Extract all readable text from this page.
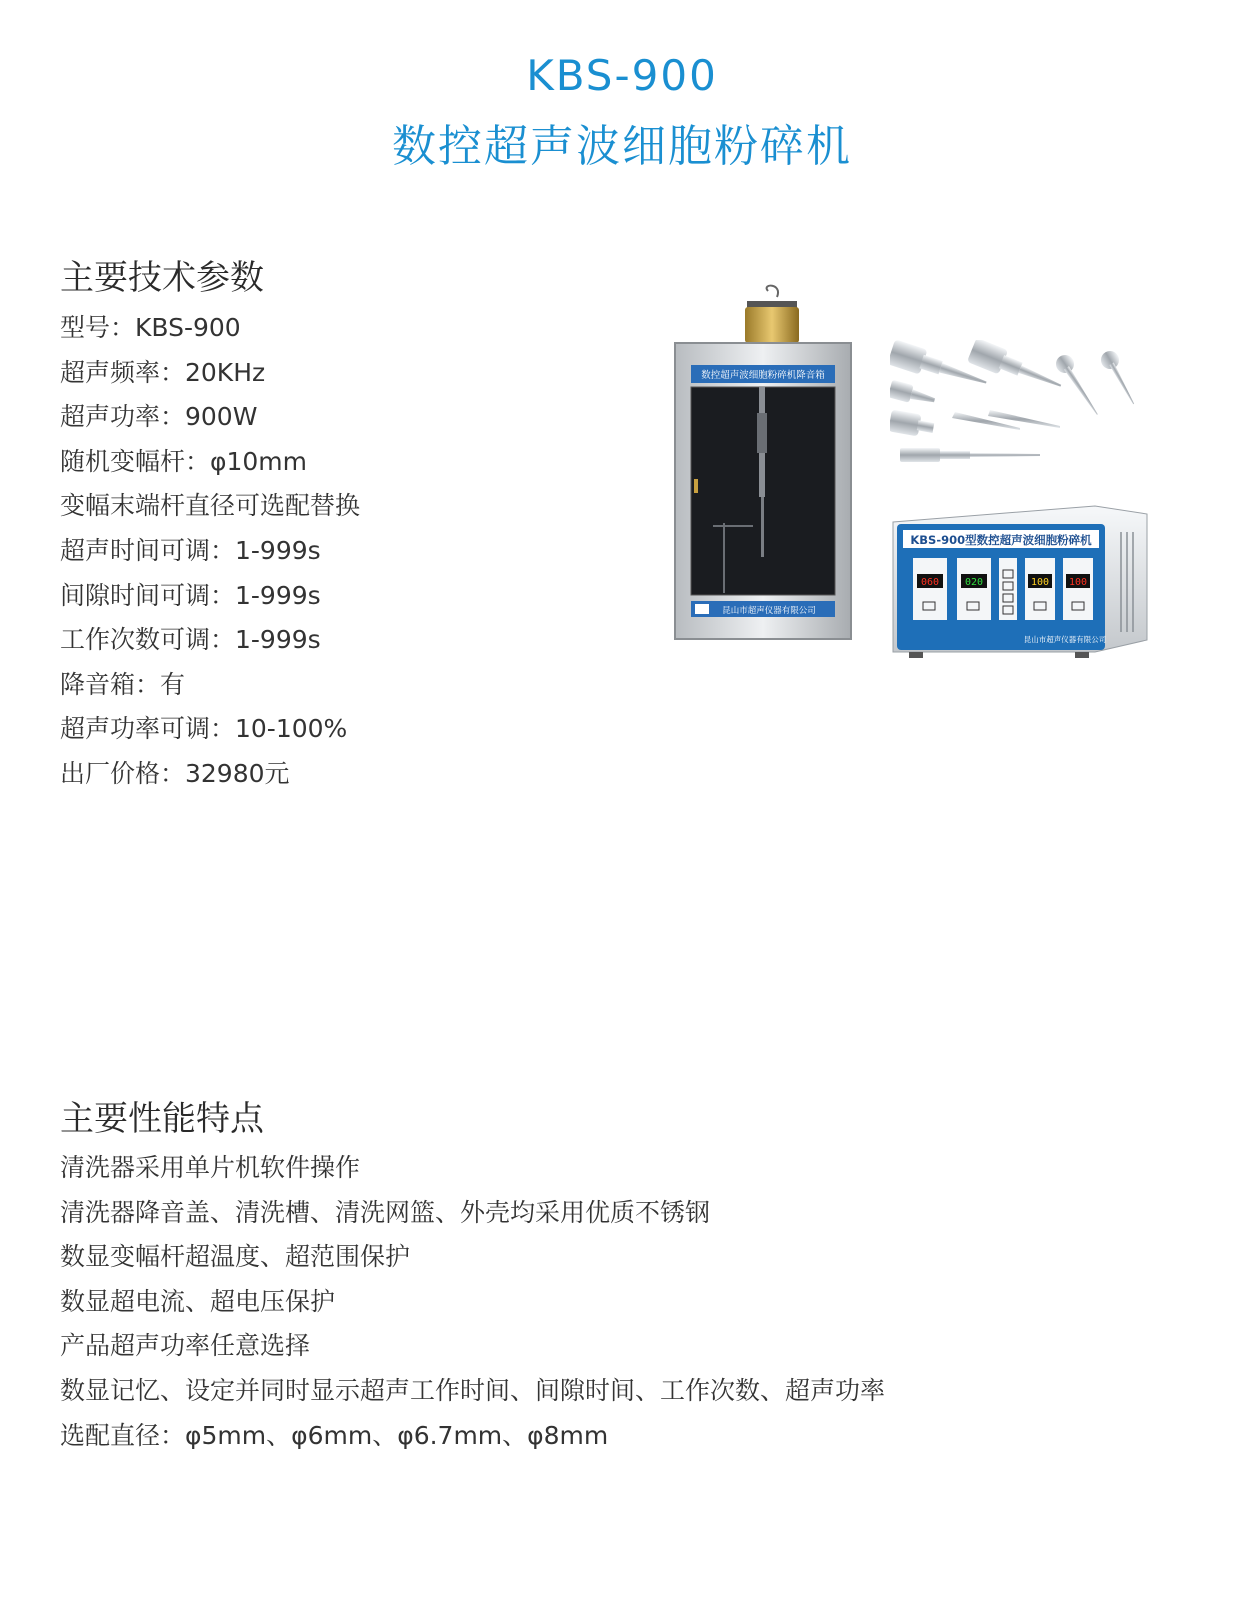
KBS-900
数控超声波细胞粉碎机
主要技术参数
型号：KBS-900
超声频率：20KHz
超声功率：900W
随机变幅杆：φ10mm
变幅末端杆直径可选配替换
超声时间可调：1-999s
间隙时间可调：1-999s
工作次数可调：1-999s
降音箱：有
超声功率可调：10-100%
出厂价格：32980元
数控超声波细胞粉碎机降音箱
昆山市超声仪器有限公司
KBS-900型数控超声波细胞粉碎机
060	020	100 100
昆山市超声仪器有限公司
主要性能特点
清洗器采用单片机软件操作
清洗器降音盖、清洗槽、清洗网篮、外壳均采用优质不锈钢
数显变幅杆超温度、超范围保护
数显超电流、超电压保护
产品超声功率任意选择
数显记忆、设定并同时显示超声工作时间、间隙时间、工作次数、超声功率
选配直径：φ5mm、φ6mm、φ6.7mm、φ8mm
